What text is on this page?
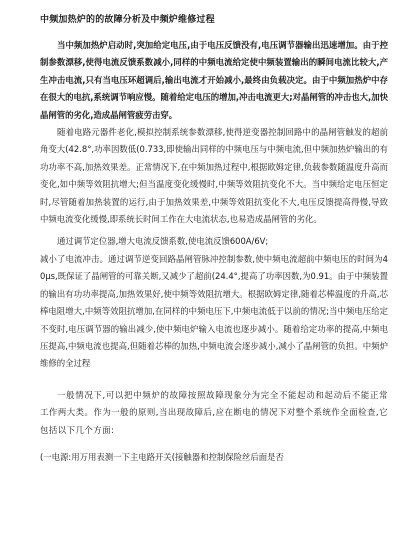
中频加热炉的的故障分析及中频炉维修过程

当中频加热炉启动时,突加给定电压,由于电压反馈没有,电压调节器输出迅速增加。由于控制参数漂移,使得电流反馈系数减小,同样的中频电流给定使中频装置输出的瞬间电流比较大,产生冲击电流,只有当电压环超调后,输出电流才开始减小,最终由负载决定。由于中频加热炉中存在很大的电抗,系统调节响应慢。随着给定电压的增加,冲击电流更大;对晶闸管的冲击也大,加快晶闸管的劣化,造成晶闸管疲劳击穿。

随着电路元器件老化,模拟控制系统参数漂移,使得逆变器控制回路中的晶闸管触发的超前角变大(42.8°,功率因数低(0.733,即使输出同样的中频电压与中频电流,但中频加热炉输出的有功功率不高,加热效果差。正常情况下,在中频加热过程中,根据欧姆定律,负载参数随温度升高而变化,如中频等效阻抗增大;但当温度变化缓慢时,中频等效阻抗变化不大。当中频给定电压恒定时,尽管随着加热装置的运行,由于加热效果差,中频等效阻抗变化不大,电压反馈提高得慢,导致中频电流变化缓慢,即系统长时间工作在大电流状态,也易造成晶闸管的劣化。

通过调节定位器,增大电流反馈系数,使电流反馈600A/6V;

减小了电流冲击。通过调节逆变回路晶闸管脉冲控制参数,使中频电流超前中频电压的时间为40μs,既保证了晶闸管的可靠关断,又减少了超前(24.4°,提高了功率因数,为0.91。由于中频装置的输出有功功率提高,加热效果好,使中频等效阻抗增大。根据欧姆定律,随着芯棒温度的升高,芯棒电阻增大,中频等效阻抗增加,在同样的中频电压下,中频电流低于以前的情况;当中频电压给定不变时,电压调节器的输出减少,使中频电炉输入电流也逐步减小。随着给定功率的提高,中频电压提高,中频电流也提高,但随着芯棒的加热,中频电流会逐步减小,减小了晶闸管的负担。中频炉维修的全过程

一般情况下,可以把中频炉的故障按照故障现象分为完全不能起动和起动后不能正常工作两大类。作为一般的原则,当出现故障后,应在断电的情况下对整个系统作全面检查,它包括以下几个方面:

(一电源:用万用表测一下主电路开关(接触器和控制保险丝后面是否
